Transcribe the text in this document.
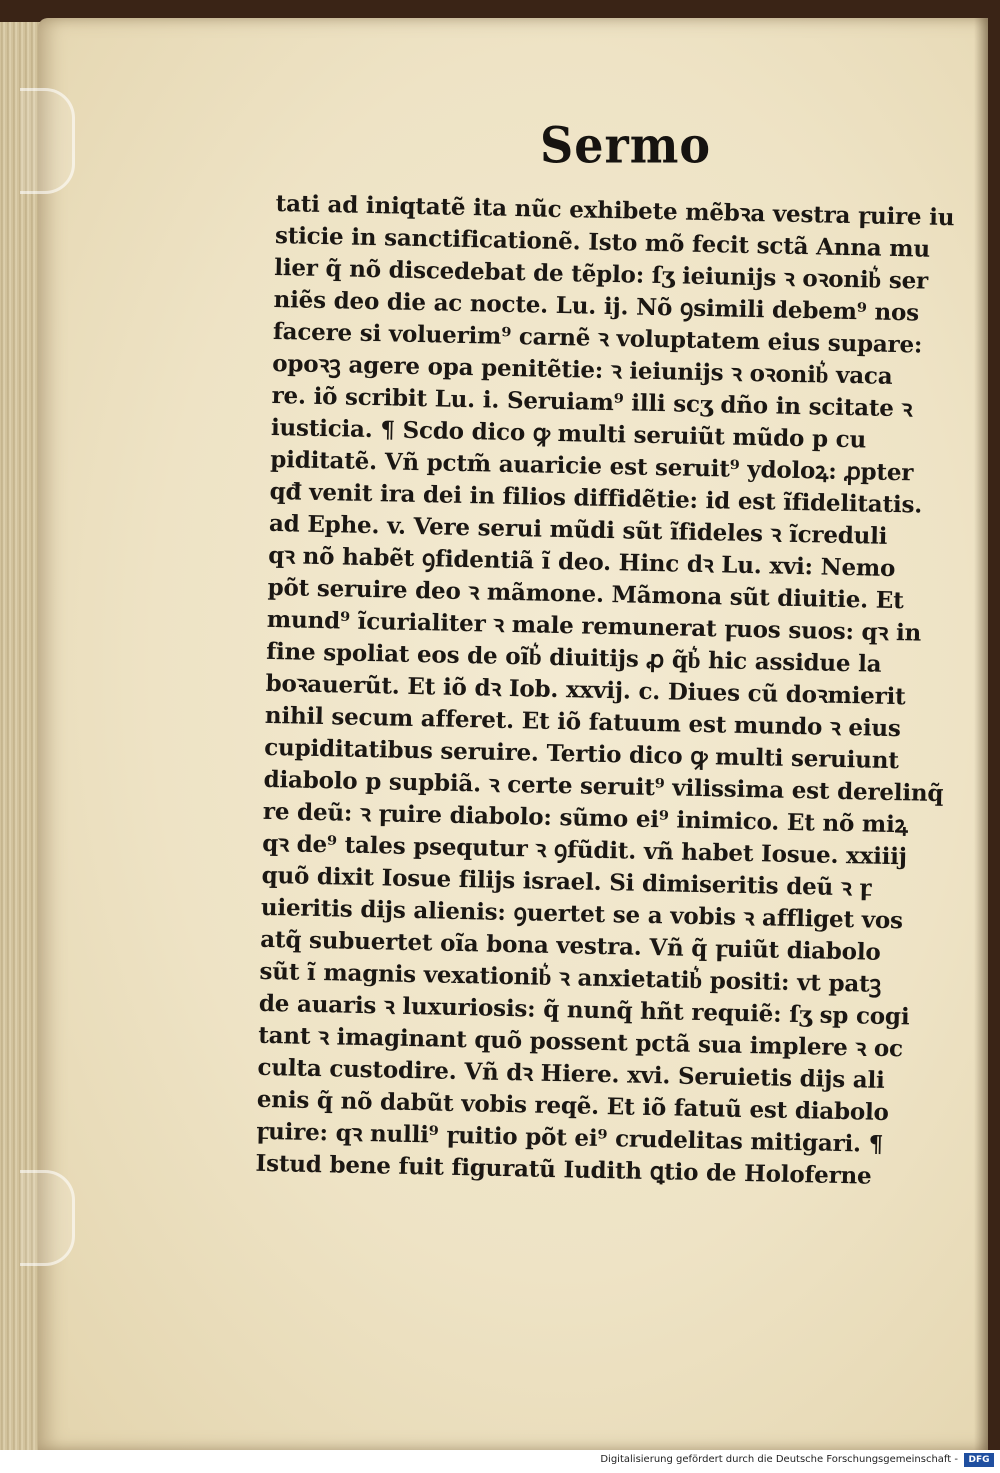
Sermo
tati ad iniqtatẽ ita nũc exhibete mẽbꝛa vestra ꝼuire iu
sticie in sanctificationẽ. Isto mõ fecit sctã Anna mu
lier q̃ nõ discedebat de tẽplo: ſʒ ieiunijs ꝛ oꝛonib͛ ser
niẽs deo die ac nocte. Lu. ij. Nõ ꝯsimili debem⁹ nos
facere si voluerim⁹ carnẽ ꝛ voluptatem eius supare:
opoꝛꝫ agere opa penitẽtie: ꝛ ieiunijs ꝛ oꝛonib͛ vaca
re. iõ scribit Lu. i. Seruiam⁹ illi scʒ dño in scitate ꝛ
iusticia. ¶ Scdo dico ꝙ multi seruiũt mũdo p cu
piditatẽ. Vñ pctm̃ auaricie est seruit⁹ ydoloꝝ: ꝓpter
qđ venit ira dei in filios diffidẽtie: id est ĩfidelitatis.
ad Ephe. v. Vere serui mũdi sũt ĩfideles ꝛ ĩcreduli
qꝛ nõ habẽt ꝯfidentiã ĩ deo. Hinc dꝛ Lu. xvi: Nemo
põt seruire deo ꝛ mãmone. Mãmona sũt diuitie. Et
mund⁹ ĩcurialiter ꝛ male remunerat ꝼuos suos: qꝛ in
fine spoliat eos de oĩb͛ diuitijs ꝓ q̃b͛ hic assidue la
boꝛauerũt. Et iõ dꝛ Iob. xxvij. c. Diues cũ doꝛmierit
nihil secum afferet. Et iõ fatuum est mundo ꝛ eius
cupiditatibus seruire. Tertio dico ꝙ multi seruiunt
diabolo p supbiã. ꝛ certe seruit⁹ vilissima est derelinq̃
re deũ: ꝛ ꝼuire diabolo: sũmo ei⁹ inimico. Et nõ miꝝ
qꝛ de⁹ tales psequtur ꝛ ꝯfũdit. vñ habet Iosue. xxiiij
quõ dixit Iosue filijs israel. Si dimiseritis deũ ꝛ ꝼ
uieritis dijs alienis: ꝯuertet se a vobis ꝛ affliget vos
atq̃ subuertet oĩa bona vestra. Vñ q̃ ꝼuiũt diabolo
sũt ĩ magnis vexationib͛ ꝛ anxietatib͛ positi: vt patꝫ
de auaris ꝛ luxuriosis: q̃ nunq̃ hñt requiẽ: ſʒ sp cogi
tant ꝛ imaginant quõ possent pctã sua implere ꝛ oc
culta custodire. Vñ dꝛ Hiere. xvi. Seruietis dijs ali
enis q̃ nõ dabũt vobis reqẽ. Et iõ fatuũ est diabolo
ꝼuire: qꝛ nulli⁹ ꝼuitio põt ei⁹ crudelitas mitigari. ¶
Istud bene fuit figuratũ Iudith ꝗtio de Holoferne
Digitalisierung gefördert durch die Deutsche Forschungsgemeinschaft -	DFG
